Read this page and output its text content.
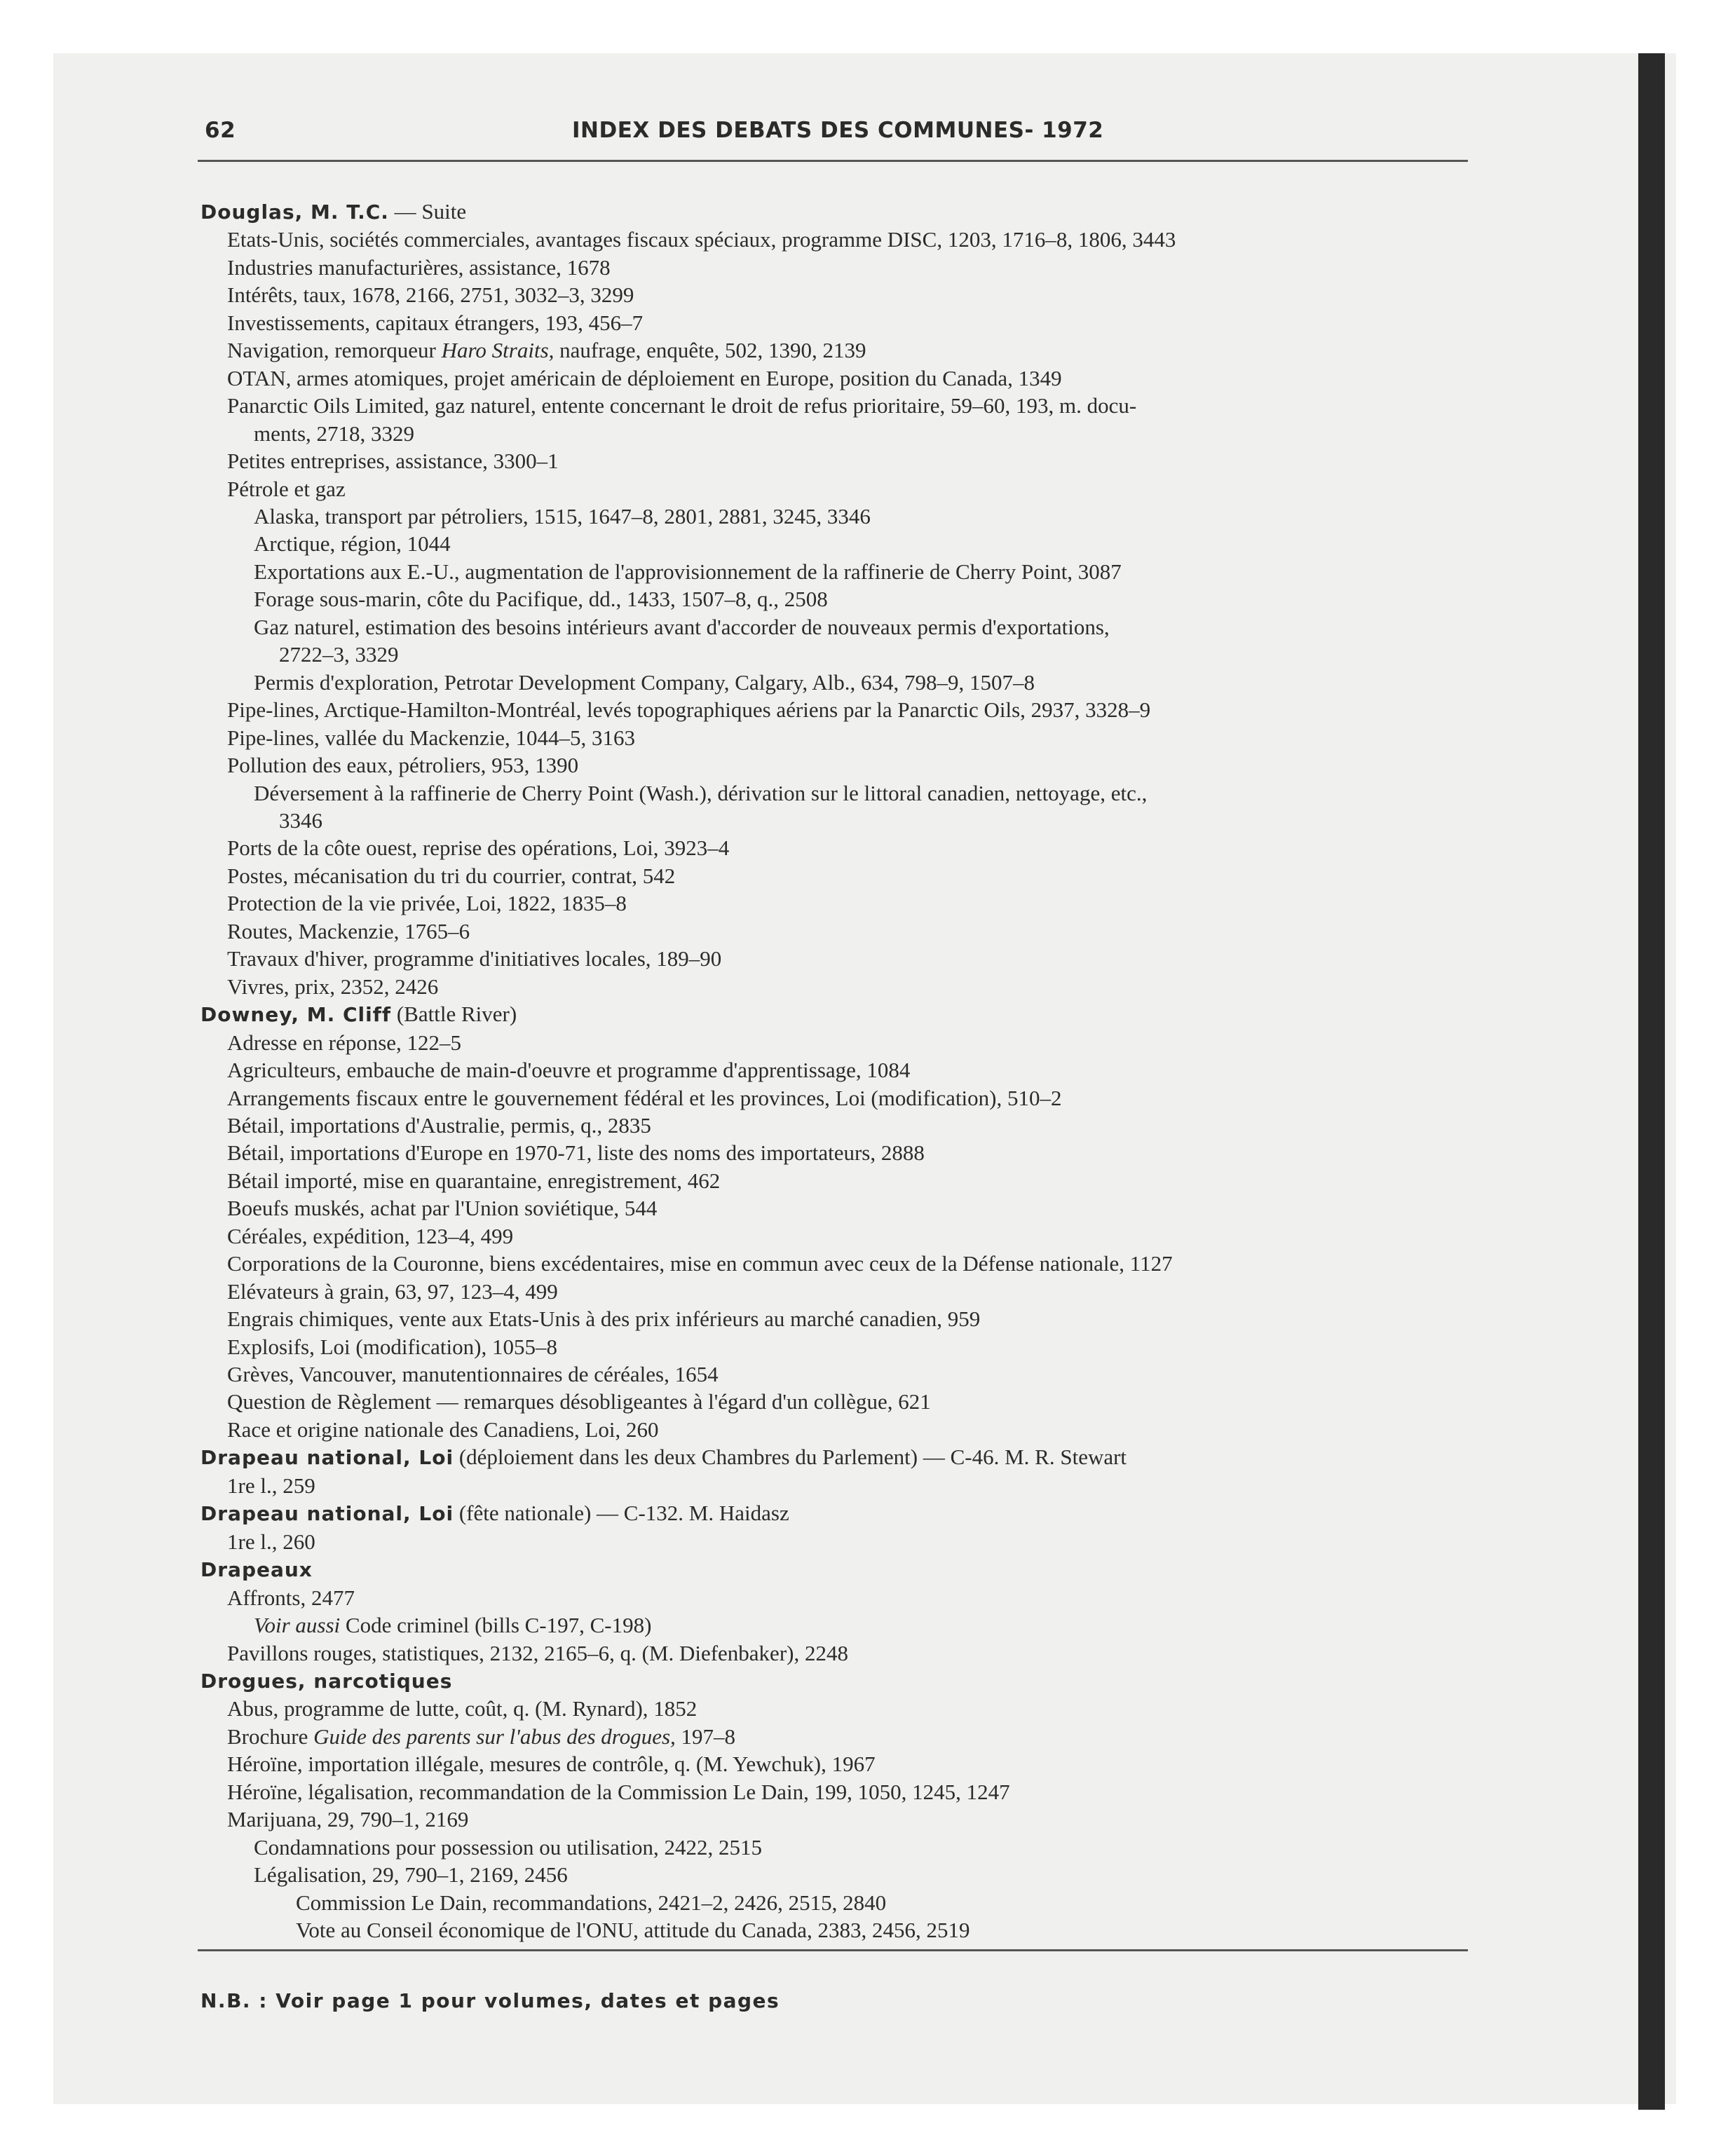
62	INDEX DES DEBATS DES COMMUNES- 1972
Douglas, M. T.C. — Suite
Etats-Unis, sociétés commerciales, avantages fiscaux spéciaux, programme DISC, 1203, 1716–8, 1806, 3443
Industries manufacturières, assistance, 1678
Intérêts, taux, 1678, 2166, 2751, 3032–3, 3299
Investissements, capitaux étrangers, 193, 456–7
Navigation, remorqueur Haro Straits, naufrage, enquête, 502, 1390, 2139
OTAN, armes atomiques, projet américain de déploiement en Europe, position du Canada, 1349
Panarctic Oils Limited, gaz naturel, entente concernant le droit de refus prioritaire, 59–60, 193, m. docu-
ments, 2718, 3329
Petites entreprises, assistance, 3300–1
Pétrole et gaz
Alaska, transport par pétroliers, 1515, 1647–8, 2801, 2881, 3245, 3346
Arctique, région, 1044
Exportations aux E.-U., augmentation de l'approvisionnement de la raffinerie de Cherry Point, 3087
Forage sous-marin, côte du Pacifique, dd., 1433, 1507–8, q., 2508
Gaz naturel, estimation des besoins intérieurs avant d'accorder de nouveaux permis d'exportations,
2722–3, 3329
Permis d'exploration, Petrotar Development Company, Calgary, Alb., 634, 798–9, 1507–8
Pipe-lines, Arctique-Hamilton-Montréal, levés topographiques aériens par la Panarctic Oils, 2937, 3328–9
Pipe-lines, vallée du Mackenzie, 1044–5, 3163
Pollution des eaux, pétroliers, 953, 1390
Déversement à la raffinerie de Cherry Point (Wash.), dérivation sur le littoral canadien, nettoyage, etc.,
3346
Ports de la côte ouest, reprise des opérations, Loi, 3923–4
Postes, mécanisation du tri du courrier, contrat, 542
Protection de la vie privée, Loi, 1822, 1835–8
Routes, Mackenzie, 1765–6
Travaux d'hiver, programme d'initiatives locales, 189–90
Vivres, prix, 2352, 2426
Downey, M. Cliff (Battle River)
Adresse en réponse, 122–5
Agriculteurs, embauche de main-d'oeuvre et programme d'apprentissage, 1084
Arrangements fiscaux entre le gouvernement fédéral et les provinces, Loi (modification), 510–2
Bétail, importations d'Australie, permis, q., 2835
Bétail, importations d'Europe en 1970-71, liste des noms des importateurs, 2888
Bétail importé, mise en quarantaine, enregistrement, 462
Boeufs muskés, achat par l'Union soviétique, 544
Céréales, expédition, 123–4, 499
Corporations de la Couronne, biens excédentaires, mise en commun avec ceux de la Défense nationale, 1127
Elévateurs à grain, 63, 97, 123–4, 499
Engrais chimiques, vente aux Etats-Unis à des prix inférieurs au marché canadien, 959
Explosifs, Loi (modification), 1055–8
Grèves, Vancouver, manutentionnaires de céréales, 1654
Question de Règlement — remarques désobligeantes à l'égard d'un collègue, 621
Race et origine nationale des Canadiens, Loi, 260
Drapeau national, Loi (déploiement dans les deux Chambres du Parlement) — C-46. M. R. Stewart
1re l., 259
Drapeau national, Loi (fête nationale) — C-132. M. Haidasz
1re l., 260
Drapeaux
Affronts, 2477
Voir aussi Code criminel (bills C-197, C-198)
Pavillons rouges, statistiques, 2132, 2165–6, q. (M. Diefenbaker), 2248
Drogues, narcotiques
Abus, programme de lutte, coût, q. (M. Rynard), 1852
Brochure Guide des parents sur l'abus des drogues, 197–8
Héroïne, importation illégale, mesures de contrôle, q. (M. Yewchuk), 1967
Héroïne, légalisation, recommandation de la Commission Le Dain, 199, 1050, 1245, 1247
Marijuana, 29, 790–1, 2169
Condamnations pour possession ou utilisation, 2422, 2515
Légalisation, 29, 790–1, 2169, 2456
Commission Le Dain, recommandations, 2421–2, 2426, 2515, 2840
Vote au Conseil économique de l'ONU, attitude du Canada, 2383, 2456, 2519
N.B. : Voir page 1 pour volumes, dates et pages
